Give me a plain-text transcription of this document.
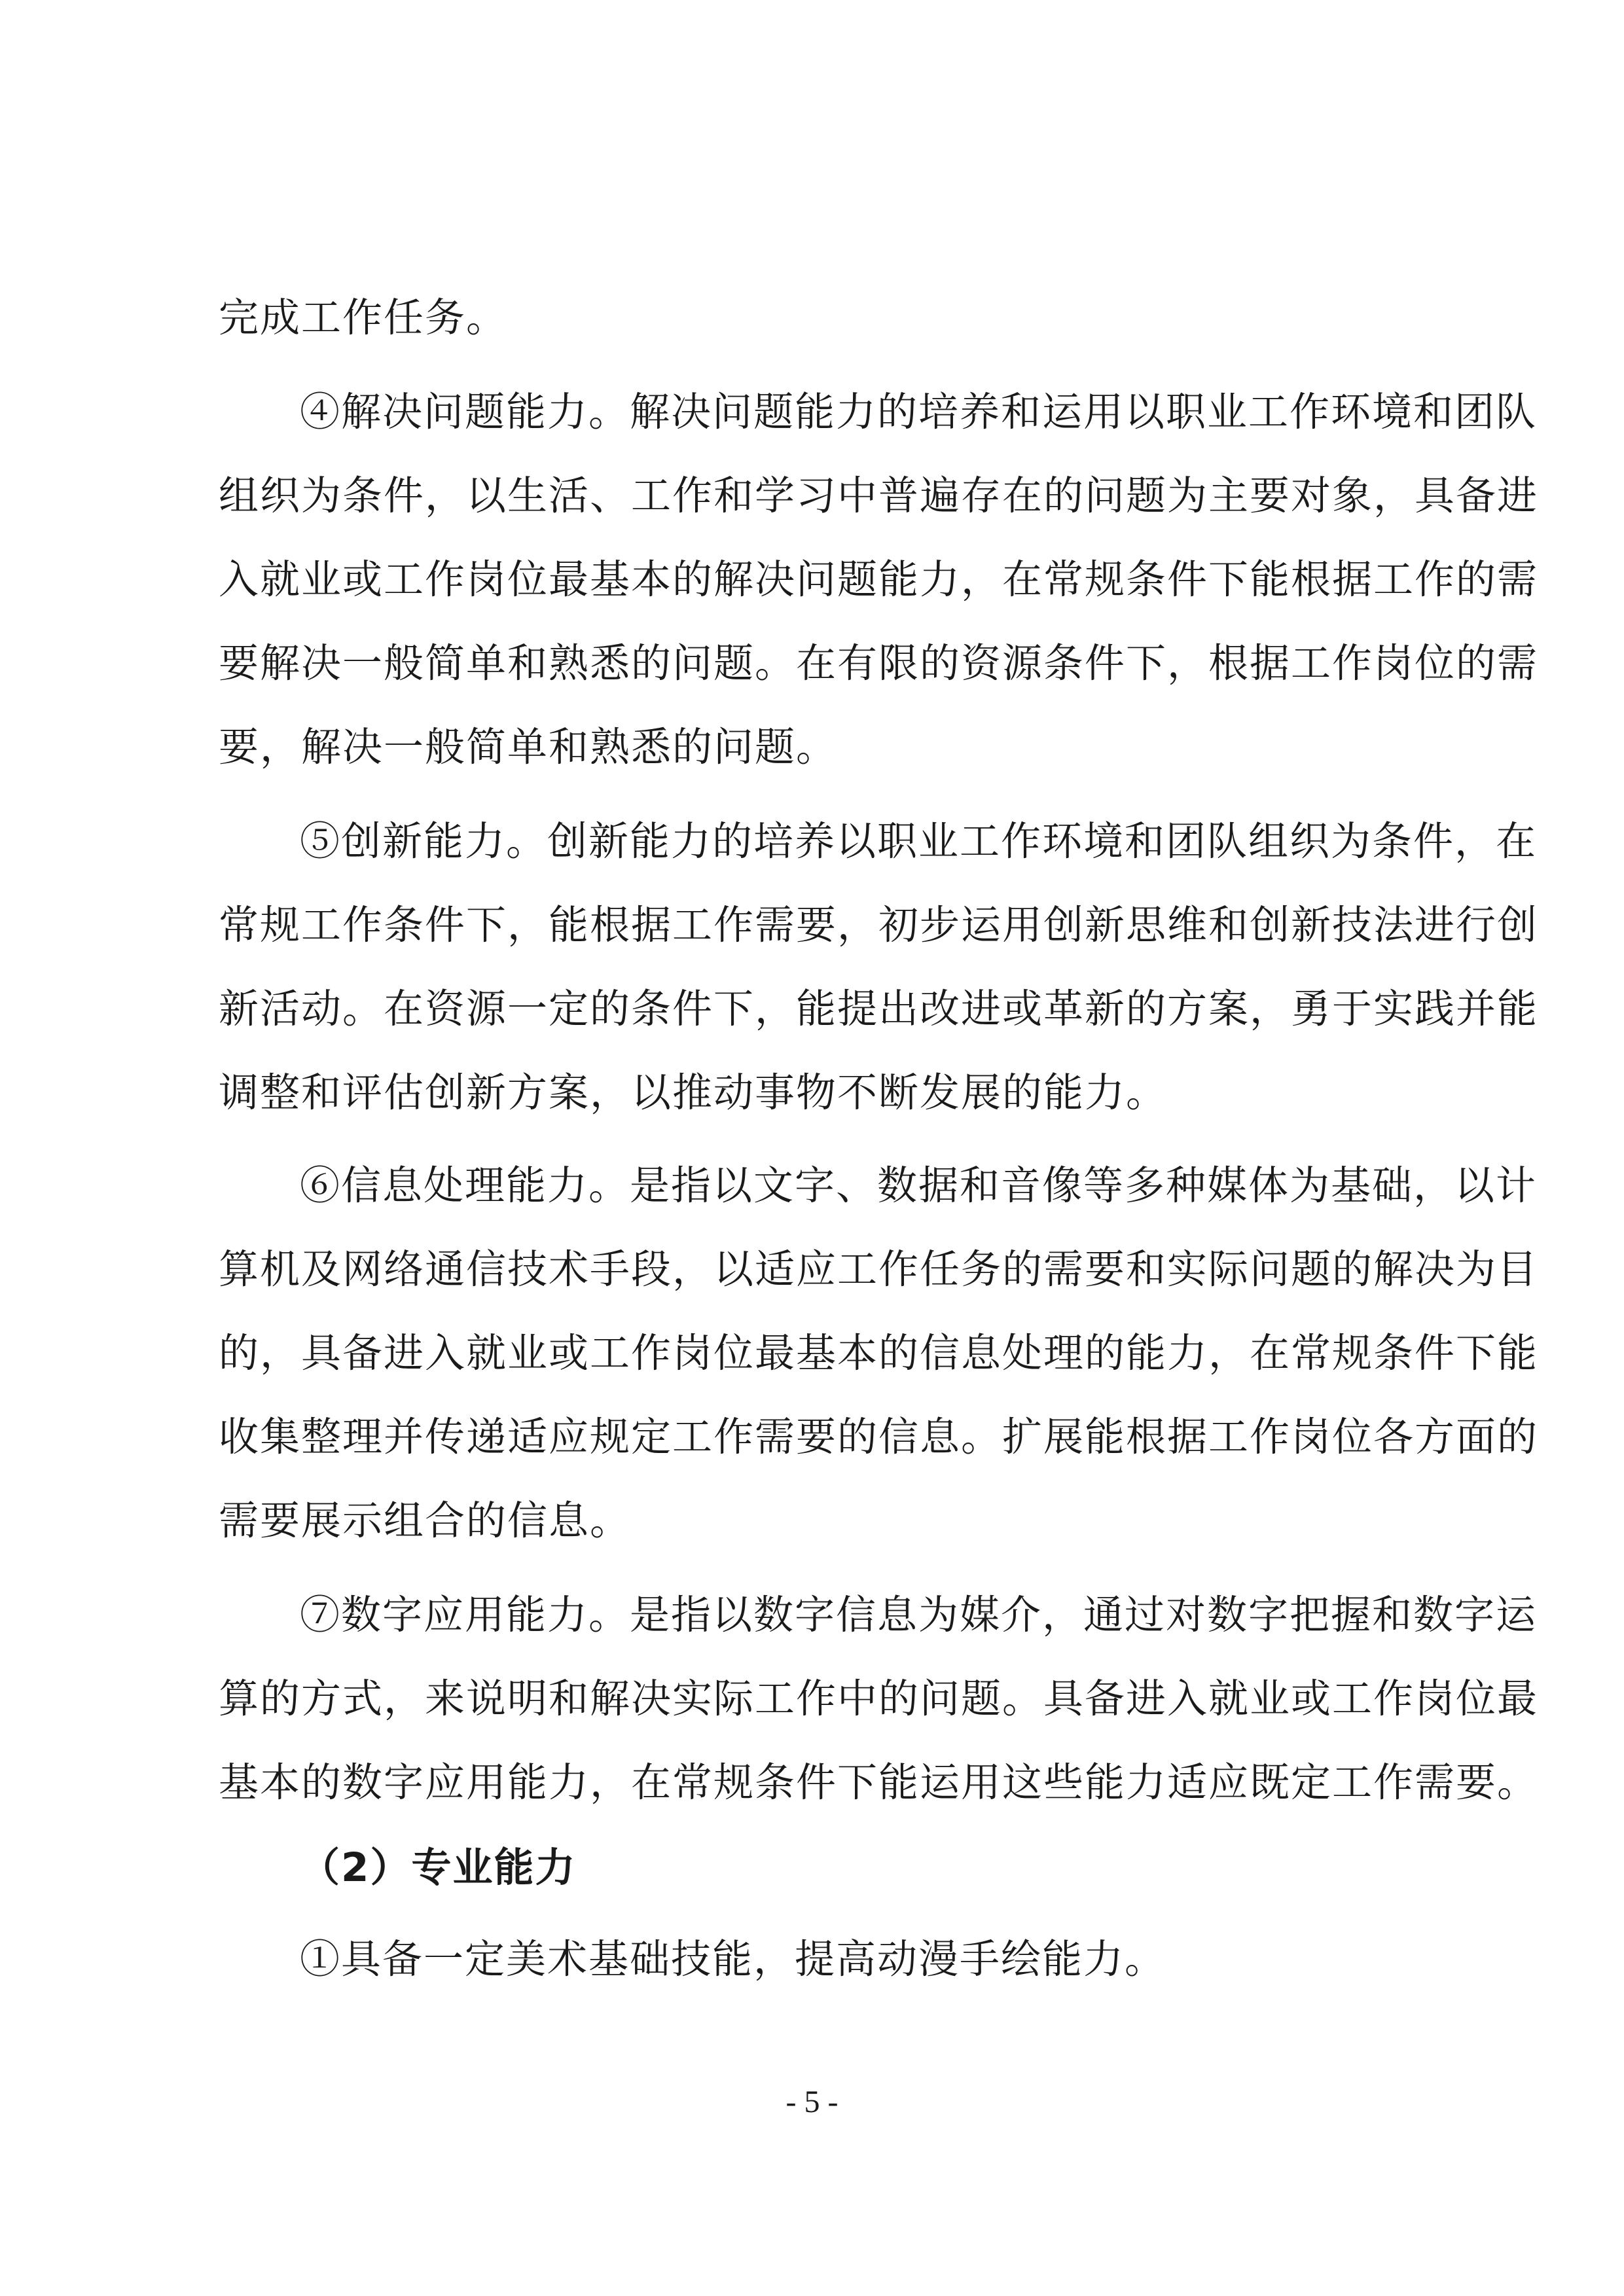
完成工作任务。
④解决问题能力。解决问题能力的培养和运用以职业工作环境和团队
组织为条件，以生活、工作和学习中普遍存在的问题为主要对象，具备进
入就业或工作岗位最基本的解决问题能力，在常规条件下能根据工作的需
要解决一般简单和熟悉的问题。在有限的资源条件下，根据工作岗位的需
要，解决一般简单和熟悉的问题。
⑤创新能力。创新能力的培养以职业工作环境和团队组织为条件，在
常规工作条件下，能根据工作需要，初步运用创新思维和创新技法进行创
新活动。在资源一定的条件下，能提出改进或革新的方案，勇于实践并能
调整和评估创新方案，以推动事物不断发展的能力。
⑥信息处理能力。是指以文字、数据和音像等多种媒体为基础，以计
算机及网络通信技术手段，以适应工作任务的需要和实际问题的解决为目
的，具备进入就业或工作岗位最基本的信息处理的能力，在常规条件下能
收集整理并传递适应规定工作需要的信息。扩展能根据工作岗位各方面的
需要展示组合的信息。
⑦数字应用能力。是指以数字信息为媒介，通过对数字把握和数字运
算的方式，来说明和解决实际工作中的问题。具备进入就业或工作岗位最
基本的数字应用能力，在常规条件下能运用这些能力适应既定工作需要。
（2）专业能力
①具备一定美术基础技能，提高动漫手绘能力。
- 5 -
